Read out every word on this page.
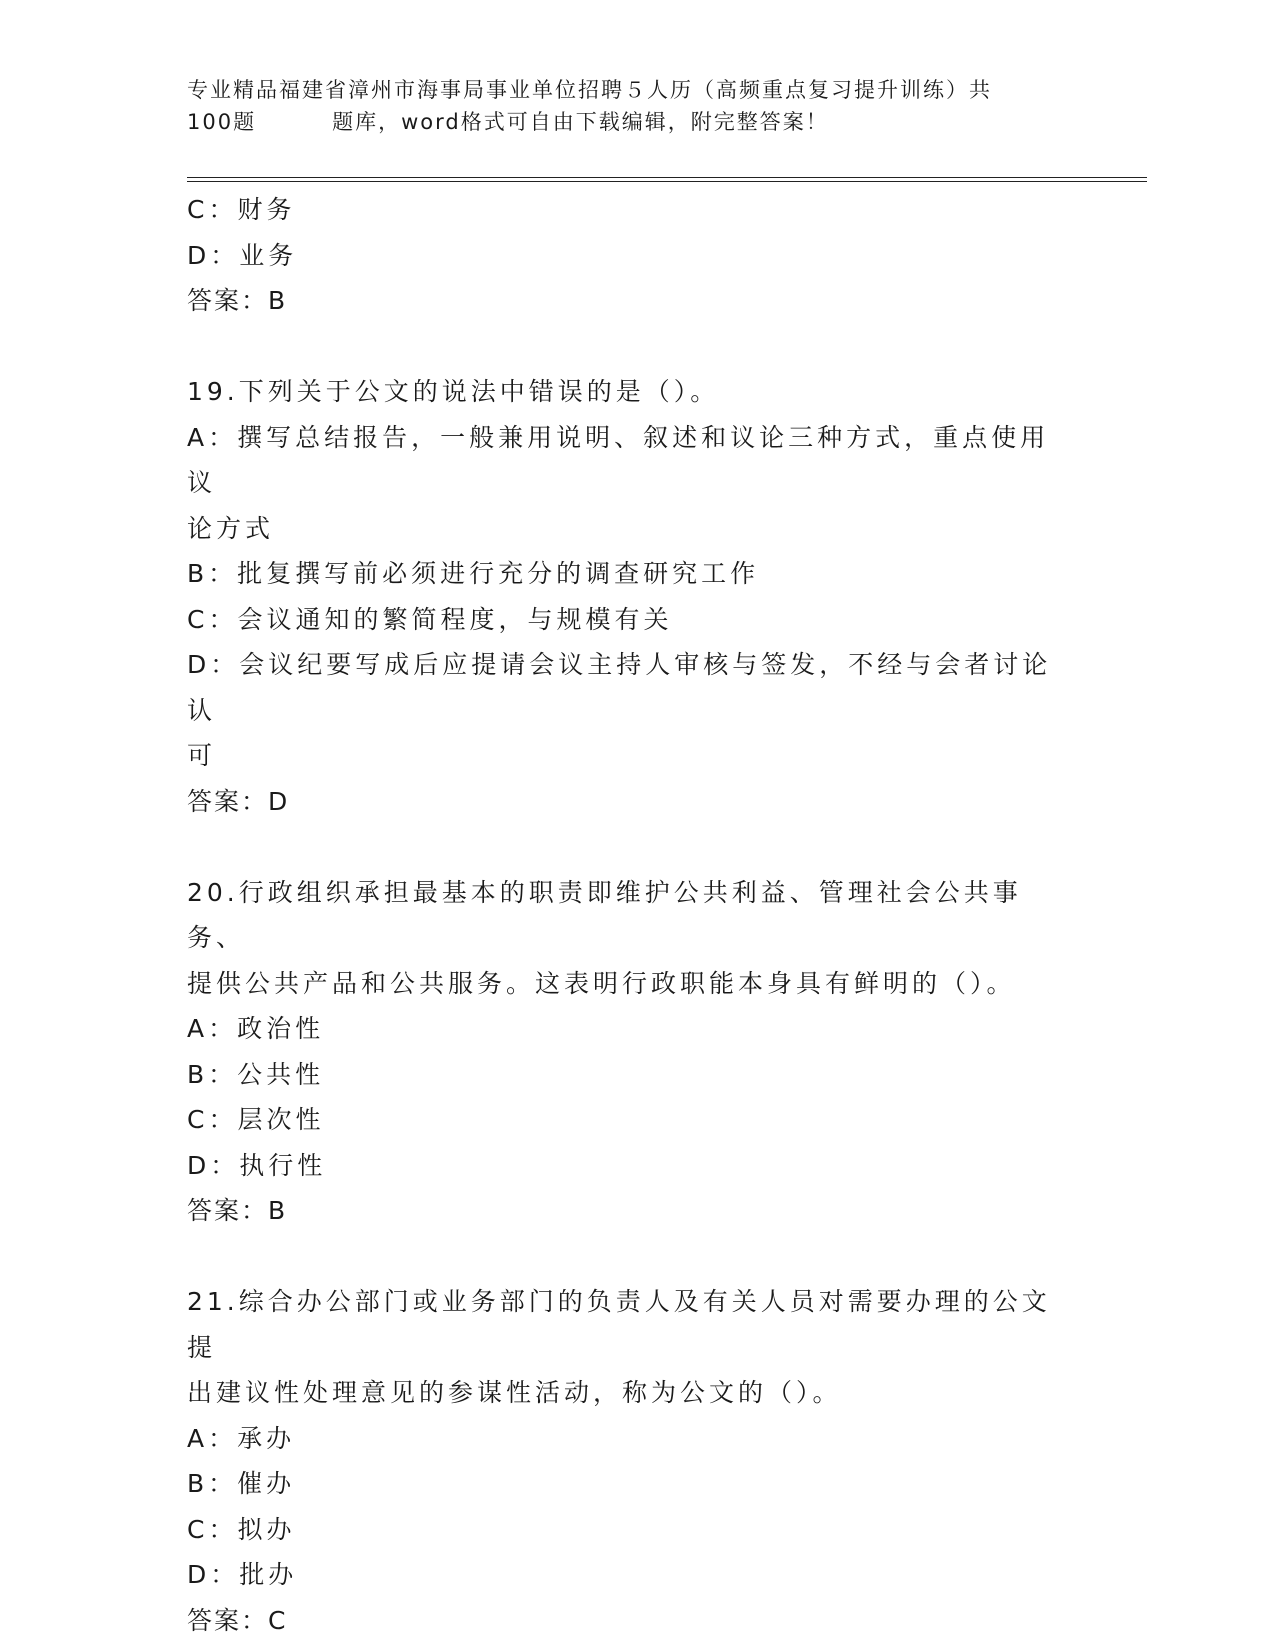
专业精品福建省漳州市海事局事业单位招聘５人历（高频重点复习提升训练）共
100题	题库，word格式可自由下载编辑，附完整答案！

C：财务

D：业务

答案：B

19.下列关于公文的说法中错误的是（）。

A：撰写总结报告，一般兼用说明、叙述和议论三种方式，重点使用议

论方式

B：批复撰写前必须进行充分的调查研究工作

C：会议通知的繁简程度，与规模有关

D：会议纪要写成后应提请会议主持人审核与签发，不经与会者讨论认

可

答案：D

20.行政组织承担最基本的职责即维护公共利益、管理社会公共事务、

提供公共产品和公共服务。这表明行政职能本身具有鲜明的（）。

A：政治性

B：公共性

C：层次性

D：执行性

答案：B

21.综合办公部门或业务部门的负责人及有关人员对需要办理的公文提

出建议性处理意见的参谋性活动，称为公文的（）。

A：承办

B：催办

C：拟办

D：批办

答案：C
